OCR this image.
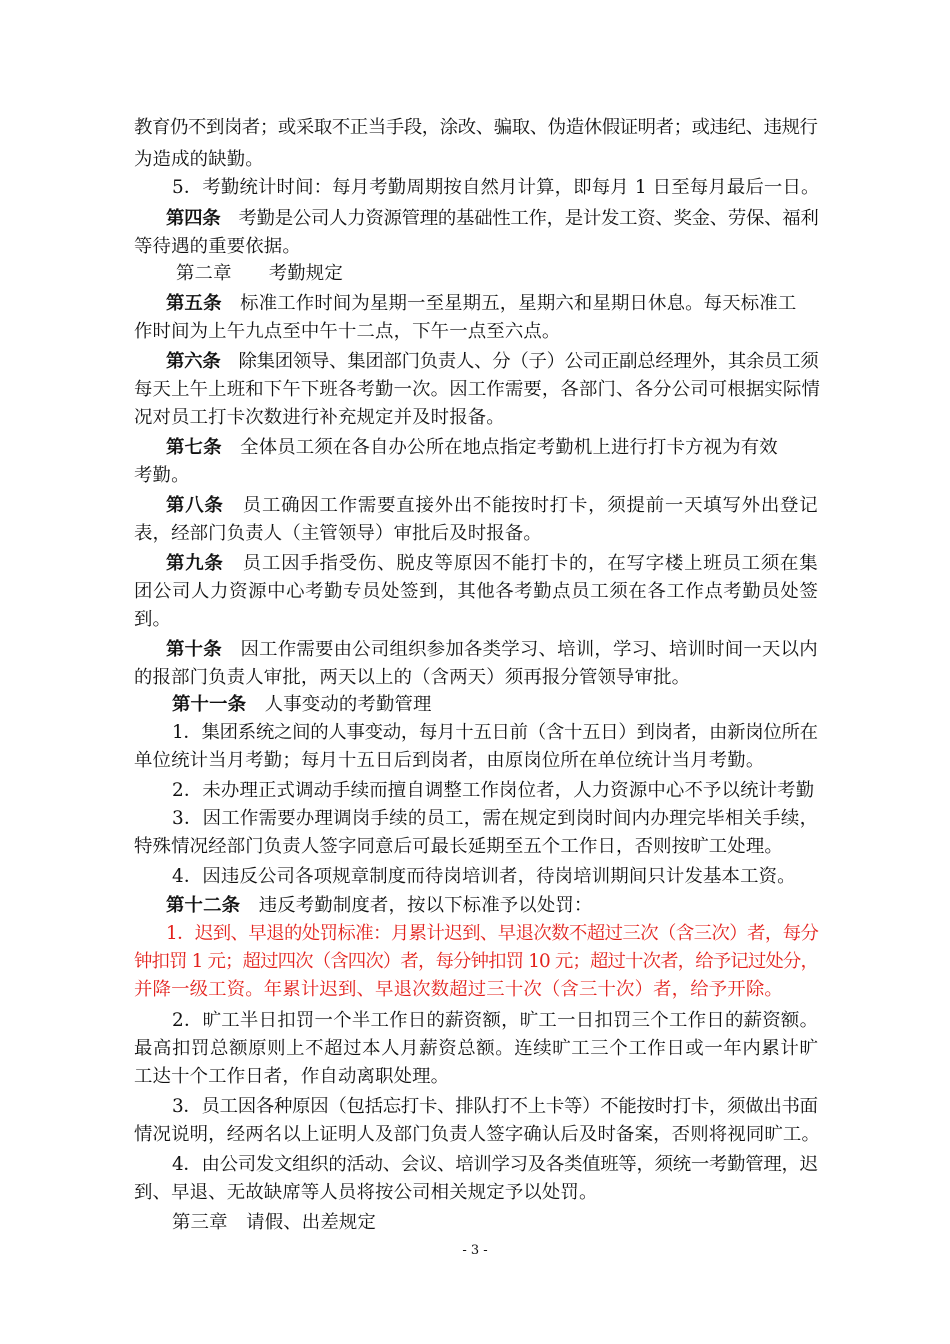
教育仍不到岗者；或采取不正当手段，涂改、骗取、伪造休假证明者；或违纪、违规行
为造成的缺勤。
5．考勤统计时间：每月考勤周期按自然月计算，即每月 1 日至每月最后一日。
第四条　考勤是公司人力资源管理的基础性工作，是计发工资、奖金、劳保、福利
等待遇的重要依据。
第二章　　考勤规定
第五条　标准工作时间为星期一至星期五，星期六和星期日休息。每天标准工
作时间为上午九点至中午十二点，下午一点至六点。
第六条　除集团领导、集团部门负责人、分（子）公司正副总经理外，其余员工须
每天上午上班和下午下班各考勤一次。因工作需要，各部门、各分公司可根据实际情
况对员工打卡次数进行补充规定并及时报备。
第七条　全体员工须在各自办公所在地点指定考勤机上进行打卡方视为有效
考勤。
第八条　员工确因工作需要直接外出不能按时打卡，须提前一天填写外出登记
表，经部门负责人（主管领导）审批后及时报备。
第九条　员工因手指受伤、脱皮等原因不能打卡的，在写字楼上班员工须在集
团公司人力资源中心考勤专员处签到，其他各考勤点员工须在各工作点考勤员处签
到。
第十条　因工作需要由公司组织参加各类学习、培训，学习、培训时间一天以内
的报部门负责人审批，两天以上的（含两天）须再报分管领导审批。
第十一条　人事变动的考勤管理
1．集团系统之间的人事变动，每月十五日前（含十五日）到岗者，由新岗位所在
单位统计当月考勤；每月十五日后到岗者，由原岗位所在单位统计当月考勤。
2．未办理正式调动手续而擅自调整工作岗位者，人力资源中心不予以统计考勤
3．因工作需要办理调岗手续的员工，需在规定到岗时间内办理完毕相关手续，
特殊情况经部门负责人签字同意后可最长延期至五个工作日，否则按旷工处理。
4．因违反公司各项规章制度而待岗培训者，待岗培训期间只计发基本工资。
第十二条　违反考勤制度者，按以下标准予以处罚：
1．迟到、早退的处罚标准：月累计迟到、早退次数不超过三次（含三次）者，每分
钟扣罚 1 元；超过四次（含四次）者，每分钟扣罚 10 元；超过十次者，给予记过处分，
并降一级工资。年累计迟到、早退次数超过三十次（含三十次）者，给予开除。
2．旷工半日扣罚一个半工作日的薪资额，旷工一日扣罚三个工作日的薪资额。
最高扣罚总额原则上不超过本人月薪资总额。连续旷工三个工作日或一年内累计旷
工达十个工作日者，作自动离职处理。
3．员工因各种原因（包括忘打卡、排队打不上卡等）不能按时打卡，须做出书面
情况说明，经两名以上证明人及部门负责人签字确认后及时备案，否则将视同旷工。
4．由公司发文组织的活动、会议、培训学习及各类值班等，须统一考勤管理，迟
到、早退、无故缺席等人员将按公司相关规定予以处罚。
第三章　请假、出差规定
- 3 -
